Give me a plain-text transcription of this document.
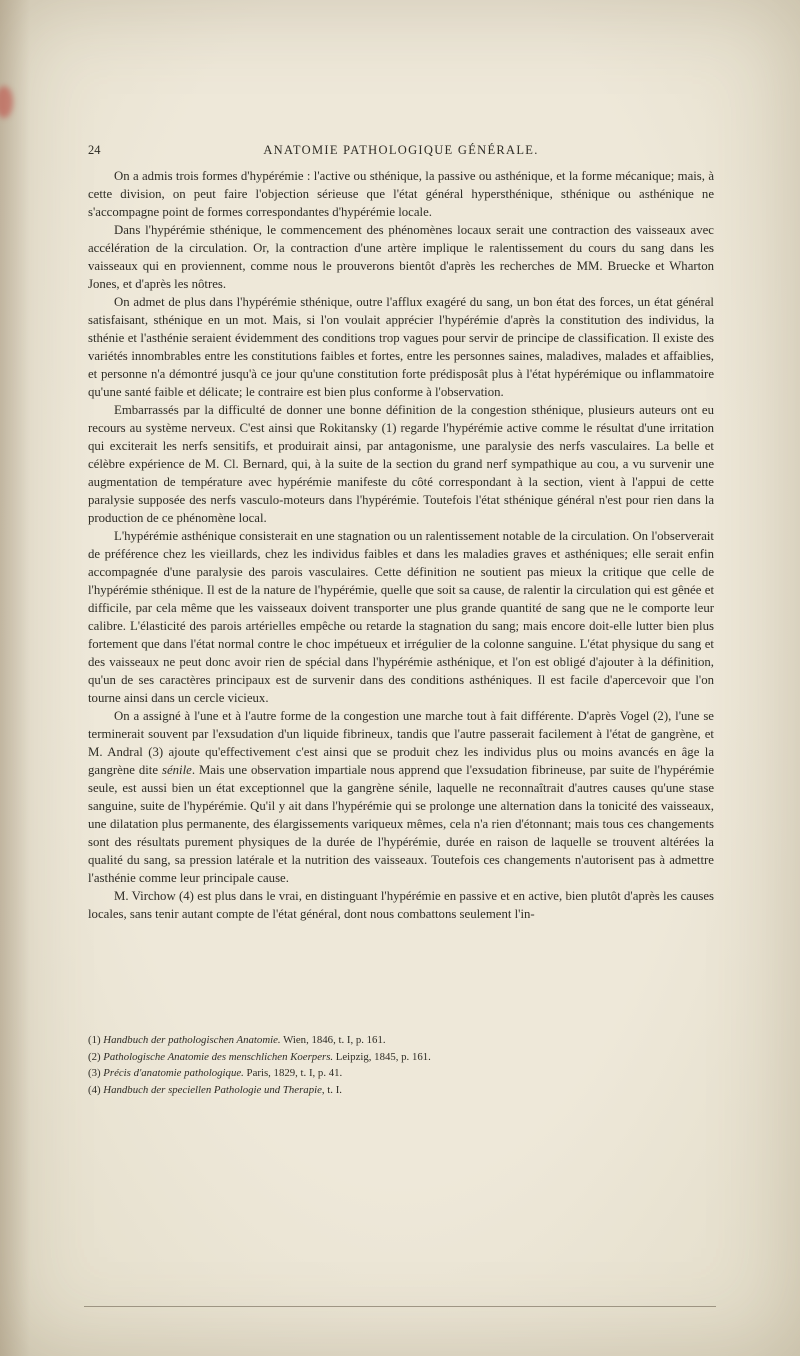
24	ANATOMIE PATHOLOGIQUE GÉNÉRALE.

On a admis trois formes d'hypérémie : l'active ou sthénique, la passive ou asthénique, et la forme mécanique; mais, à cette division, on peut faire l'objection sérieuse que l'état général hypersthénique, sthénique ou asthénique ne s'accompagne point de formes correspondantes d'hypérémie locale.

Dans l'hypérémie sthénique, le commencement des phénomènes locaux serait une contraction des vaisseaux avec accélération de la circulation. Or, la contraction d'une artère implique le ralentissement du cours du sang dans les vaisseaux qui en proviennent, comme nous le prouverons bientôt d'après les recherches de MM. Bruecke et Wharton Jones, et d'après les nôtres.

On admet de plus dans l'hypérémie sthénique, outre l'afflux exagéré du sang, un bon état des forces, un état général satisfaisant, sthénique en un mot. Mais, si l'on voulait apprécier l'hypérémie d'après la constitution des individus, la sthénie et l'asthénie seraient évidemment des conditions trop vagues pour servir de principe de classification. Il existe des variétés innombrables entre les constitutions faibles et fortes, entre les personnes saines, maladives, malades et affaiblies, et personne n'a démontré jusqu'à ce jour qu'une constitution forte prédisposât plus à l'état hypérémique ou inflammatoire qu'une santé faible et délicate; le contraire est bien plus conforme à l'observation.

Embarrassés par la difficulté de donner une bonne définition de la congestion sthénique, plusieurs auteurs ont eu recours au système nerveux. C'est ainsi que Rokitansky (1) regarde l'hypérémie active comme le résultat d'une irritation qui exciterait les nerfs sensitifs, et produirait ainsi, par antagonisme, une paralysie des nerfs vasculaires. La belle et célèbre expérience de M. Cl. Bernard, qui, à la suite de la section du grand nerf sympathique au cou, a vu survenir une augmentation de température avec hypérémie manifeste du côté correspondant à la section, vient à l'appui de cette paralysie supposée des nerfs vasculo-moteurs dans l'hypérémie. Toutefois l'état sthénique général n'est pour rien dans la production de ce phénomène local.

L'hypérémie asthénique consisterait en une stagnation ou un ralentissement notable de la circulation. On l'observerait de préférence chez les vieillards, chez les individus faibles et dans les maladies graves et asthéniques; elle serait enfin accompagnée d'une paralysie des parois vasculaires. Cette définition ne soutient pas mieux la critique que celle de l'hypérémie sthénique. Il est de la nature de l'hypérémie, quelle que soit sa cause, de ralentir la circulation qui est gênée et difficile, par cela même que les vaisseaux doivent transporter une plus grande quantité de sang que ne le comporte leur calibre. L'élasticité des parois artérielles empêche ou retarde la stagnation du sang; mais encore doit-elle lutter bien plus fortement que dans l'état normal contre le choc impétueux et irrégulier de la colonne sanguine. L'état physique du sang et des vaisseaux ne peut donc avoir rien de spécial dans l'hypérémie asthénique, et l'on est obligé d'ajouter à la définition, qu'un de ses caractères principaux est de survenir dans des conditions asthéniques. Il est facile d'apercevoir que l'on tourne ainsi dans un cercle vicieux.

On a assigné à l'une et à l'autre forme de la congestion une marche tout à fait différente. D'après Vogel (2), l'une se terminerait souvent par l'exsudation d'un liquide fibrineux, tandis que l'autre passerait facilement à l'état de gangrène, et M. Andral (3) ajoute qu'effectivement c'est ainsi que se produit chez les individus plus ou moins avancés en âge la gangrène dite sénile. Mais une observation impartiale nous apprend que l'exsudation fibrineuse, par suite de l'hypérémie seule, est aussi bien un état exceptionnel que la gangrène sénile, laquelle ne reconnaîtrait d'autres causes qu'une stase sanguine, suite de l'hypérémie. Qu'il y ait dans l'hypérémie qui se prolonge une alternation dans la tonicité des vaisseaux, une dilatation plus permanente, des élargissements variqueux mêmes, cela n'a rien d'étonnant; mais tous ces changements sont des résultats purement physiques de la durée de l'hypérémie, durée en raison de laquelle se trouvent altérées la qualité du sang, sa pression latérale et la nutrition des vaisseaux. Toutefois ces changements n'autorisent pas à admettre l'asthénie comme leur principale cause.

M. Virchow (4) est plus dans le vrai, en distinguant l'hypérémie en passive et en active, bien plutôt d'après les causes locales, sans tenir autant compte de l'état général, dont nous combattons seulement l'in-

(1) Handbuch der pathologischen Anatomie. Wien, 1846, t. I, p. 161.

(2) Pathologische Anatomie des menschlichen Koerpers. Leipzig, 1845, p. 161.

(3) Précis d'anatomie pathologique. Paris, 1829, t. I, p. 41.

(4) Handbuch der speciellen Pathologie und Therapie, t. I.
